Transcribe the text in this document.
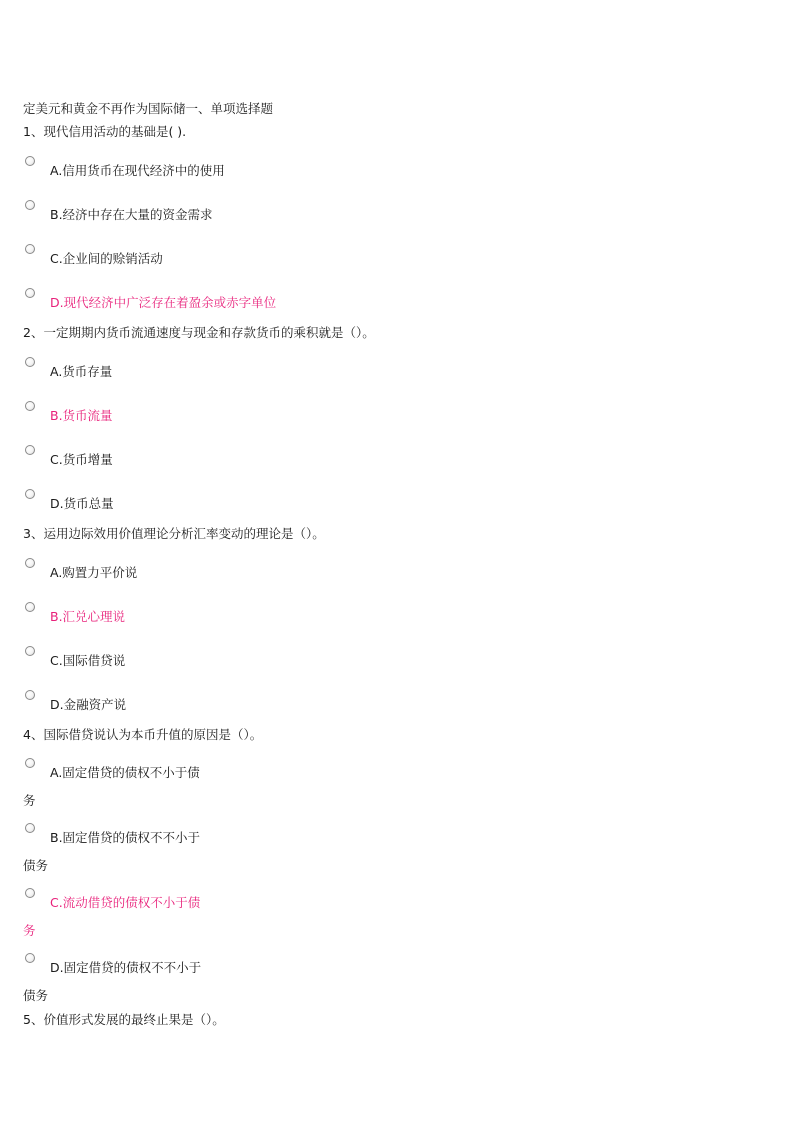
定美元和黄金不再作为国际储一、单项选择题
1、现代信用活动的基础是( ).
A.信用货币在现代经济中的使用
B.经济中存在大量的资金需求
C.企业间的赊销活动
D.现代经济中广泛存在着盈余或赤字单位
2、一定期期内货币流通速度与现金和存款货币的乘积就是（）。
A.货币存量
B.货币流量
C.货币增量
D.货币总量
3、运用边际效用价值理论分析汇率变动的理论是（）。
A.购置力平价说
B.汇兑心理说
C.国际借贷说
D.金融资产说
4、国际借贷说认为本币升值的原因是（）。
A.固定借贷的债权不小于债
务
B.固定借贷的债权不不小于
债务
C.流动借贷的债权不小于债
务
D.固定借贷的债权不不小于
债务
5、价值形式发展的最终止果是（）。
